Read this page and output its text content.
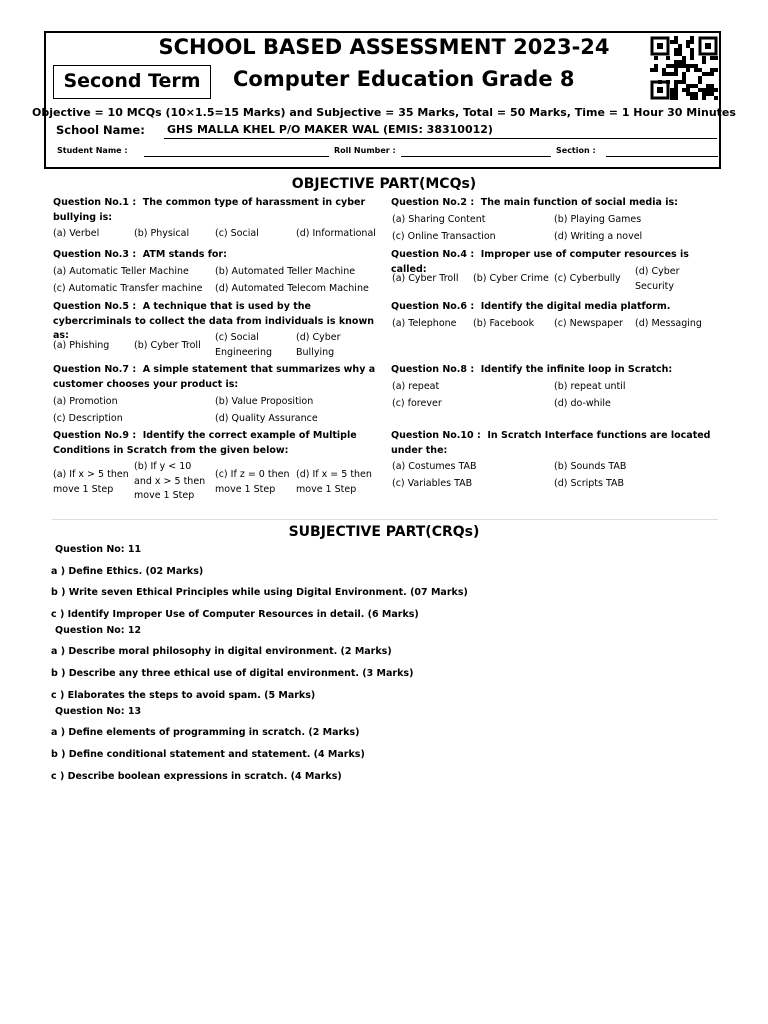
SCHOOL BASED ASSESSMENT 2023-24
Second Term	Computer Education Grade 8
Objective = 10 MCQs (10×1.5=15 Marks) and Subjective = 35 Marks, Total = 50 Marks, Time = 1 Hour 30 Minutes
School Name: GHS MALLA KHEL P/O MAKER WAL (EMIS: 38310012)
Student Name :	Roll Number :	Section :
OBJECTIVE PART(MCQs)
Question No.1 : The common type of harassment in cyber bullying is:
(a) Verbel	(b) Physical	(c) Social	(d) Informational
Question No.2 : The main function of social media is:
(a) Sharing Content	(b) Playing Games
(c) Online Transaction	(d) Writing a novel
Question No.3 : ATM stands for:
(a) Automatic Teller Machine	(b) Automated Teller Machine
(c) Automatic Transfer machine (d) Automated Telecom Machine
Question No.4 : Improper use of computer resources is called:
(a) Cyber Troll (b) Cyber Crime (c) Cyberbully
(d) Cyber Security
Question No.5 : A technique that is used by the cybercriminals to collect the data from individuals is known as:
(a) Phishing	(b) Cyber Troll
(c) Social Engineering
(d) Cyber Bullying
Question No.6 : Identify the digital media platform.
(a) Telephone (b) Facebook (c) Newspaper (d) Messaging
Question No.7 : A simple statement that summarizes why a customer chooses your product is:
(a) Promotion	(b) Value Proposition
(c) Description	(d) Quality Assurance
Question No.8 : Identify the infinite loop in Scratch:
(a) repeat	(b) repeat until
(c) forever	(d) do-while
Question No.9 : Identify the correct example of Multiple Conditions in Scratch from the given below:
(a) If x > 5 then move 1 Step
(b) If y < 10 and x > 5 then move 1 Step
(c) If z = 0 then move 1 Step
(d) If x = 5 then move 1 Step
Question No.10 : In Scratch Interface functions are located under the:
(a) Costumes TAB	(b) Sounds TAB
(c) Variables TAB	(d) Scripts TAB
SUBJECTIVE PART(CRQs)
Question No: 11
a ) Define Ethics. (02 Marks)
b ) Write seven Ethical Principles while using Digital Environment. (07 Marks)
c ) Identify Improper Use of Computer Resources in detail. (6 Marks)
Question No: 12
a ) Describe moral philosophy in digital environment. (2 Marks)
b ) Describe any three ethical use of digital environment. (3 Marks)
c ) Elaborates the steps to avoid spam. (5 Marks)
Question No: 13
a ) Define elements of programming in scratch. (2 Marks)
b ) Define conditional statement and statement. (4 Marks)
c ) Describe boolean expressions in scratch. (4 Marks)
